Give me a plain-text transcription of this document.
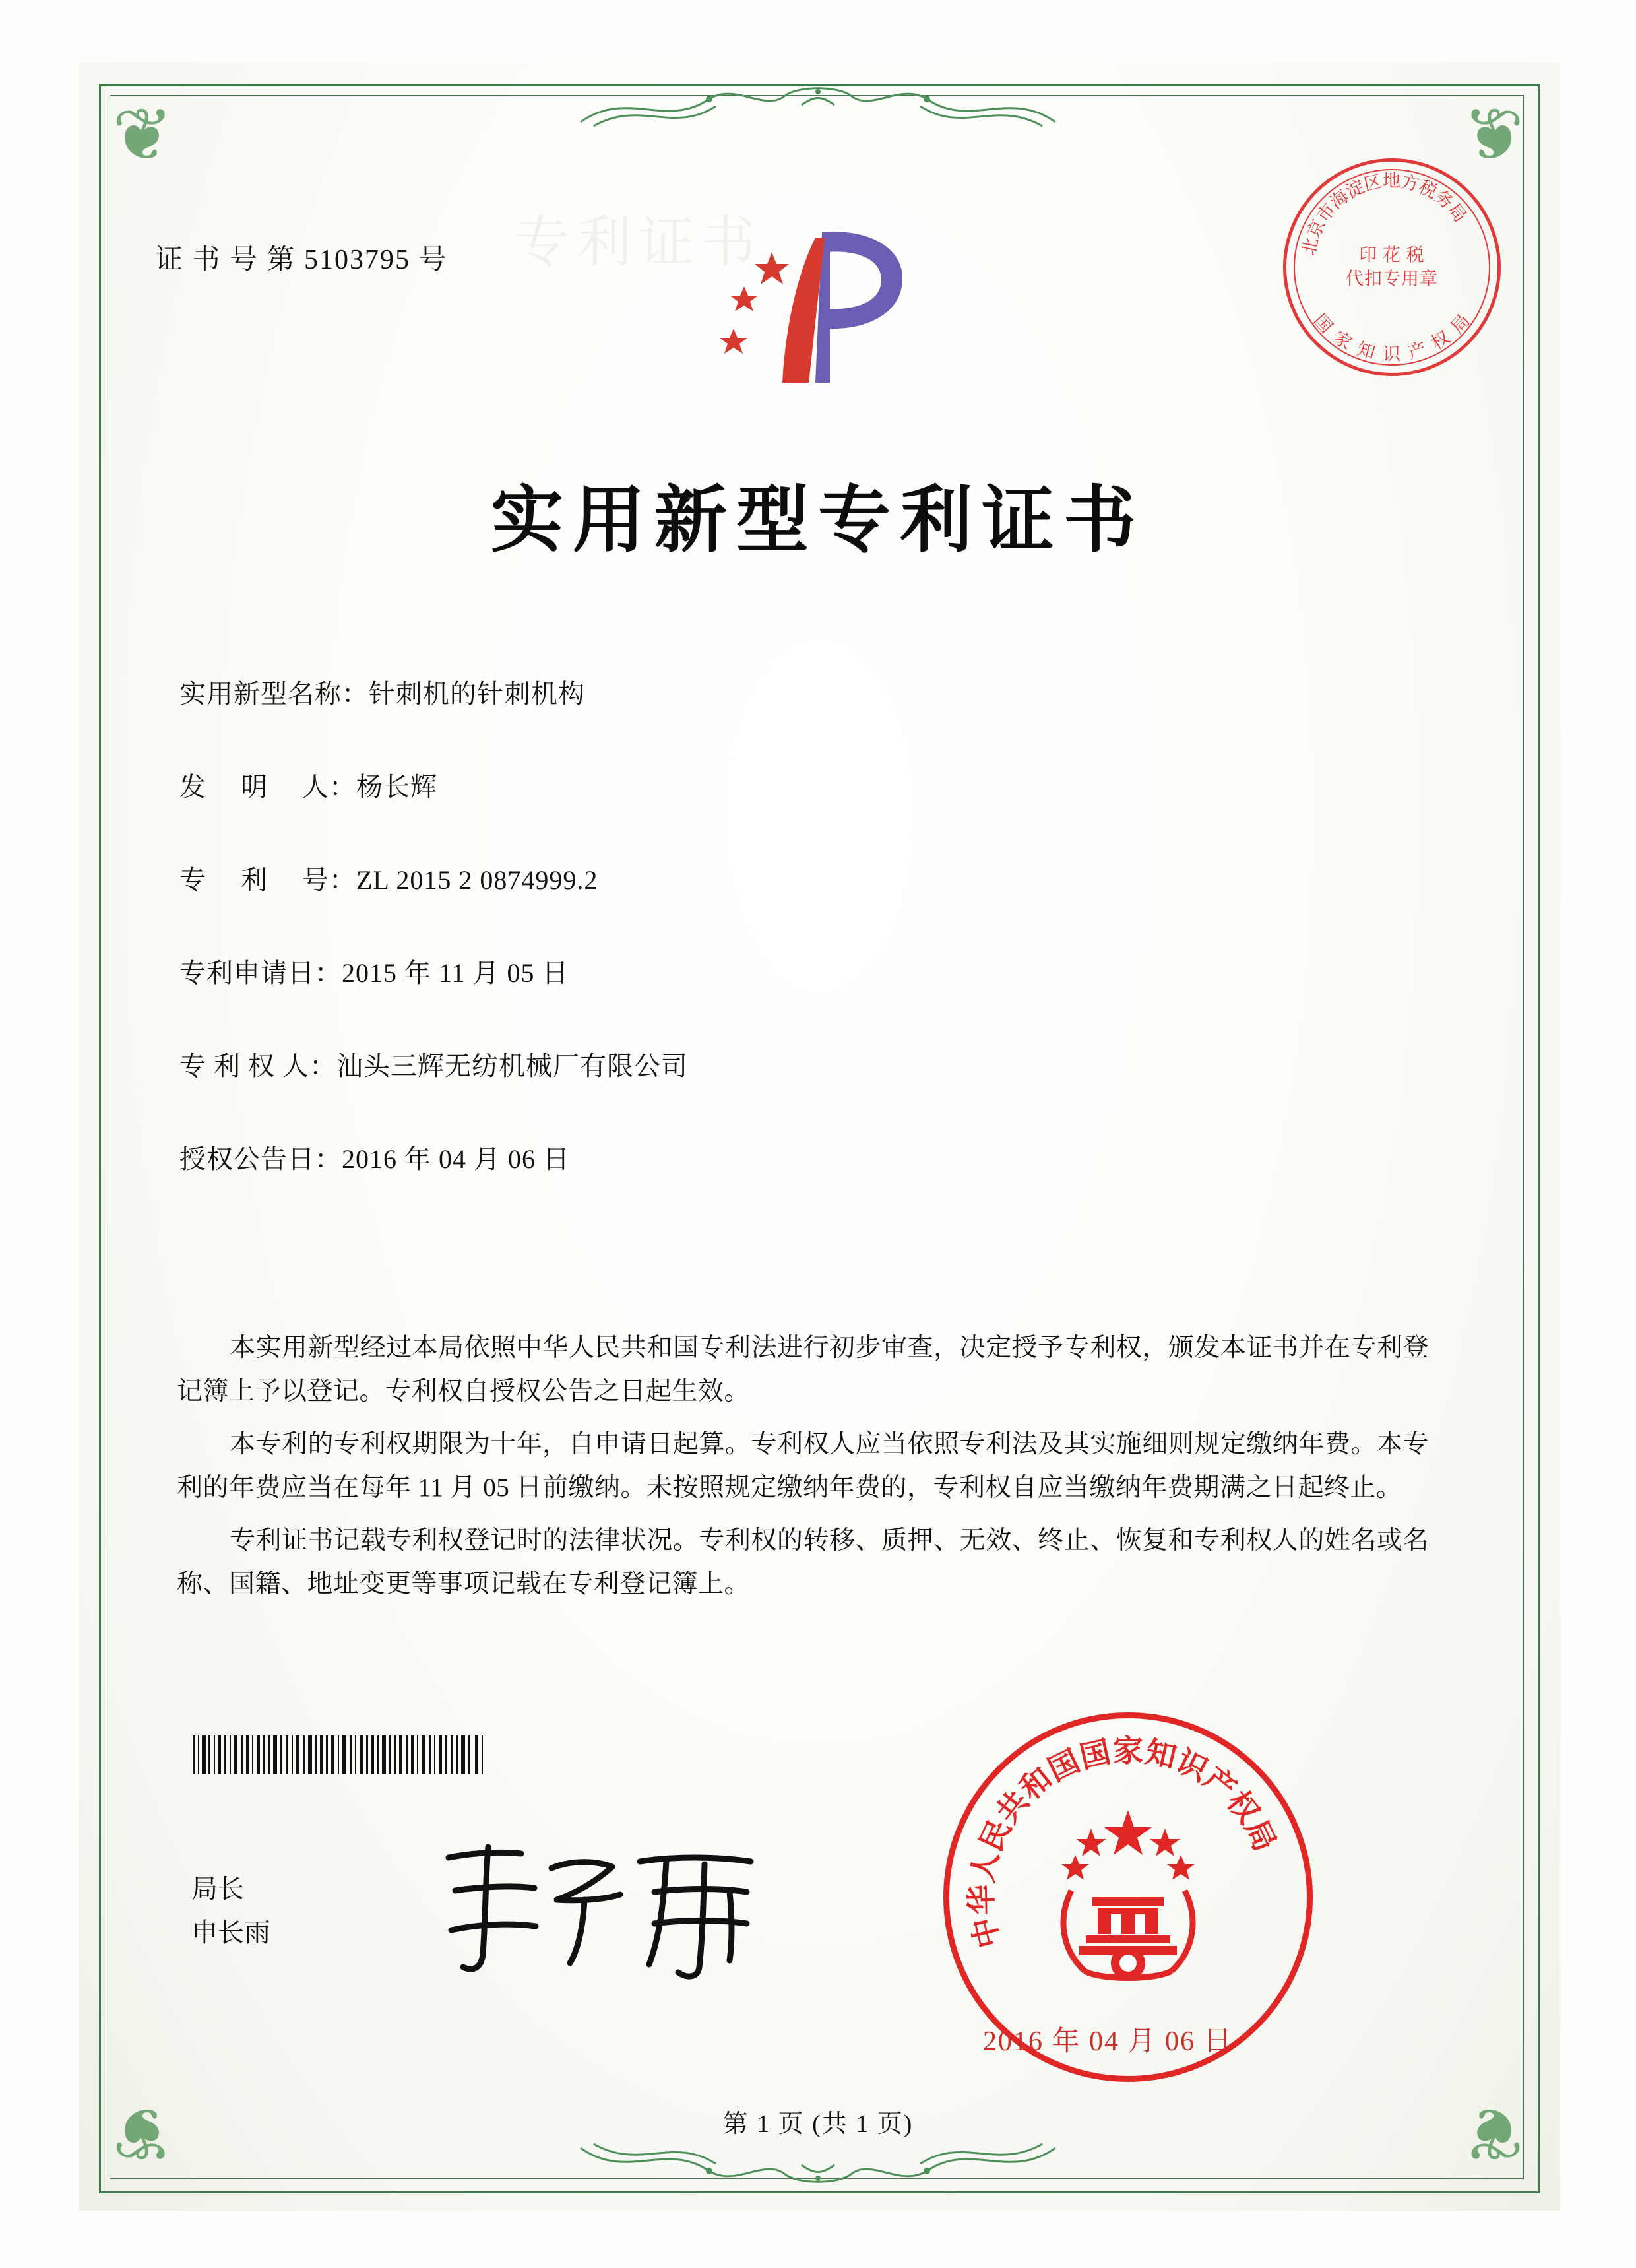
专利证书
❦	❦
❦	❦
证 书 号 第 5103795 号	北
京
市
海
淀
区
地
方
税
务
局
印 花 税
代扣专用章
国
家 知 识 产 权
局
实用新型专利证书
实用新型名称：针刺机的针刺机构
发　 明　 人：杨长辉
专　 利　 号：ZL 2015 2 0874999.2
专利申请日：2015 年 11 月 05 日
专 利 权 人：汕头三辉无纺机械厂有限公司
授权公告日：2016 年 04 月 06 日

本实用新型经过本局依照中华人民共和国专利法进行初步审查，决定授予专利权，颁发本证书并在专利登记簿上予以登记。专利权自授权公告之日起生效。

本专利的专利权期限为十年，自申请日起算。专利权人应当依照专利法及其实施细则规定缴纳年费。本专利的年费应当在每年 11 月 05 日前缴纳。未按照规定缴纳年费的，专利权自应当缴纳年费期满之日起终止。

专利证书记载专利权登记时的法律状况。专利权的转移、质押、无效、终止、恢复和专利权人的姓名或名称、国籍、地址变更等事项记载在专利登记簿上。

局长
申长雨	中
华
人
民
共
和
国
国
家
知
识
产
权
局
2016 年 04 月 06 日
第 1 页 (共 1 页)
